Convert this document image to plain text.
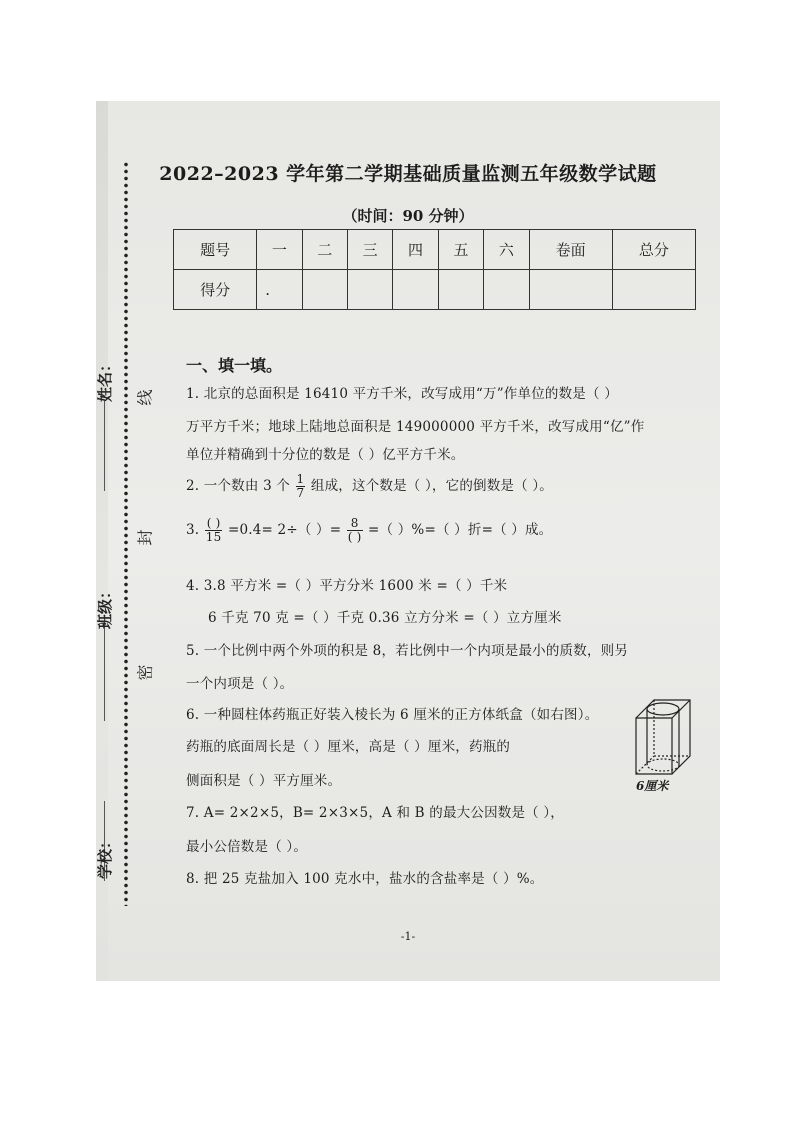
姓名：
班级：
学校：
线
封
密
2022–2023 学年第二学期基础质量监测五年级数学试题
（时间：90 分钟）
题号	一	二	三	四	五	六	卷面	总分
得分	.							
一、填一填。
1. 北京的总面积是 16410 平方千米，改写成用“万”作单位的数是（ ）
万平方千米；地球上陆地总面积是 149000000 平方千米，改写成用“亿”作
单位并精确到十分位的数是（ ）亿平方千米。
2. 一个数由 3 个 $\frac{1}{7}$ 组成，这个数是（ ），它的倒数是（ ）。
3. $\frac{( )}{15} =0.4= 2\div$（ ）= $\frac{8}{( )}$ =（ ）%=（ ）折=（ ）成。
4. 3.8 平方米 =（ ）平方分米 1600 米 =（ ）千米
6 千克 70 克 =（ ）千克 0.36 立方分米 =（ ）立方厘米
5. 一个比例中两个外项的积是 8，若比例中一个内项是最小的质数，则另
一个内项是（ ）。
6. 一种圆柱体药瓶正好装入棱长为 6 厘米的正方体纸盒（如右图）。
药瓶的底面周长是（ ）厘米，高是（ ）厘米，药瓶的
侧面积是（ ）平方厘米。	6厘米
7. A= 2×2×5，B= 2×3×5，A 和 B 的最大公因数是（ ），
最小公倍数是（ ）。
8. 把 25 克盐加入 100 克水中，盐水的含盐率是（ ）%。
-1-
